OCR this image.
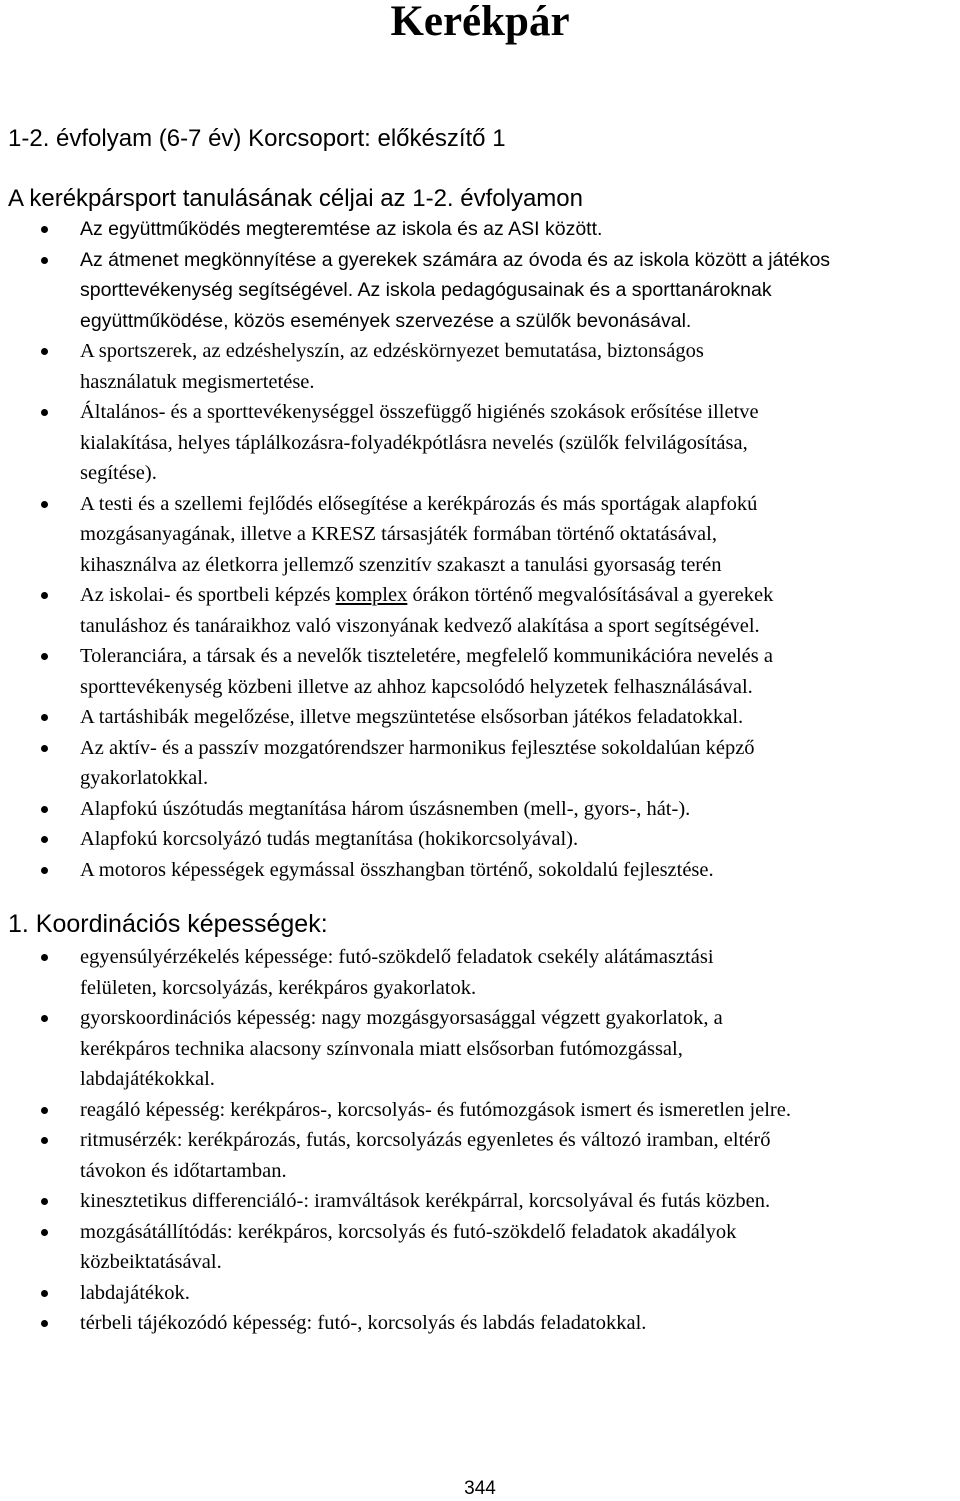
Kerékpár
1-2. évfolyam (6-7 év) Korcsoport: előkészítő 1
A kerékpársport tanulásának céljai az 1-2. évfolyamon
Az együttműködés megteremtése az iskola és az ASI között.
Az átmenet megkönnyítése a gyerekek számára az óvoda és az iskola között a játékos
sporttevékenység segítségével. Az iskola pedagógusainak és a sporttanároknak
együttműködése, közös események szervezése a szülők bevonásával.
A sportszerek, az edzéshelyszín, az edzéskörnyezet bemutatása, biztonságos
használatuk megismertetése.
Általános- és a sporttevékenységgel összefüggő higiénés szokások erősítése illetve
kialakítása, helyes táplálkozásra-folyadékpótlásra nevelés (szülők felvilágosítása,
segítése).
A testi és a szellemi fejlődés elősegítése a kerékpározás és más sportágak alapfokú
mozgásanyagának, illetve a KRESZ társasjáték formában történő oktatásával,
kihasználva az életkorra jellemző szenzitív szakaszt a tanulási gyorsaság terén
Az iskolai- és sportbeli képzés komplex órákon történő megvalósításával a gyerekek
tanuláshoz és tanáraikhoz való viszonyának kedvező alakítása a sport segítségével.
Toleranciára, a társak és a nevelők tiszteletére, megfelelő kommunikációra nevelés a
sporttevékenység közbeni illetve az ahhoz kapcsolódó helyzetek felhasználásával.
A tartáshibák megelőzése, illetve megszüntetése elsősorban játékos feladatokkal.
Az aktív- és a passzív mozgatórendszer harmonikus fejlesztése sokoldalúan képző
gyakorlatokkal.
Alapfokú úszótudás megtanítása három úszásnemben (mell-, gyors-, hát-).
Alapfokú korcsolyázó tudás megtanítása (hokikorcsolyával).
A motoros képességek egymással összhangban történő, sokoldalú fejlesztése.
1. Koordinációs képességek:
egyensúlyérzékelés képessége: futó-szökdelő feladatok csekély alátámasztási
felületen, korcsolyázás, kerékpáros gyakorlatok.
gyorskoordinációs képesség: nagy mozgásgyorsasággal végzett gyakorlatok, a
kerékpáros technika alacsony színvonala miatt elsősorban futómozgással,
labdajátékokkal.
reagáló képesség: kerékpáros-, korcsolyás- és futómozgások ismert és ismeretlen jelre.
ritmusérzék: kerékpározás, futás, korcsolyázás egyenletes és változó iramban, eltérő
távokon és időtartamban.
kinesztetikus differenciáló-: iramváltások kerékpárral, korcsolyával és futás közben.
mozgásátállítódás: kerékpáros, korcsolyás és futó-szökdelő feladatok akadályok
közbeiktatásával.
labdajátékok.
térbeli tájékozódó képesség: futó-, korcsolyás és labdás feladatokkal.
344
